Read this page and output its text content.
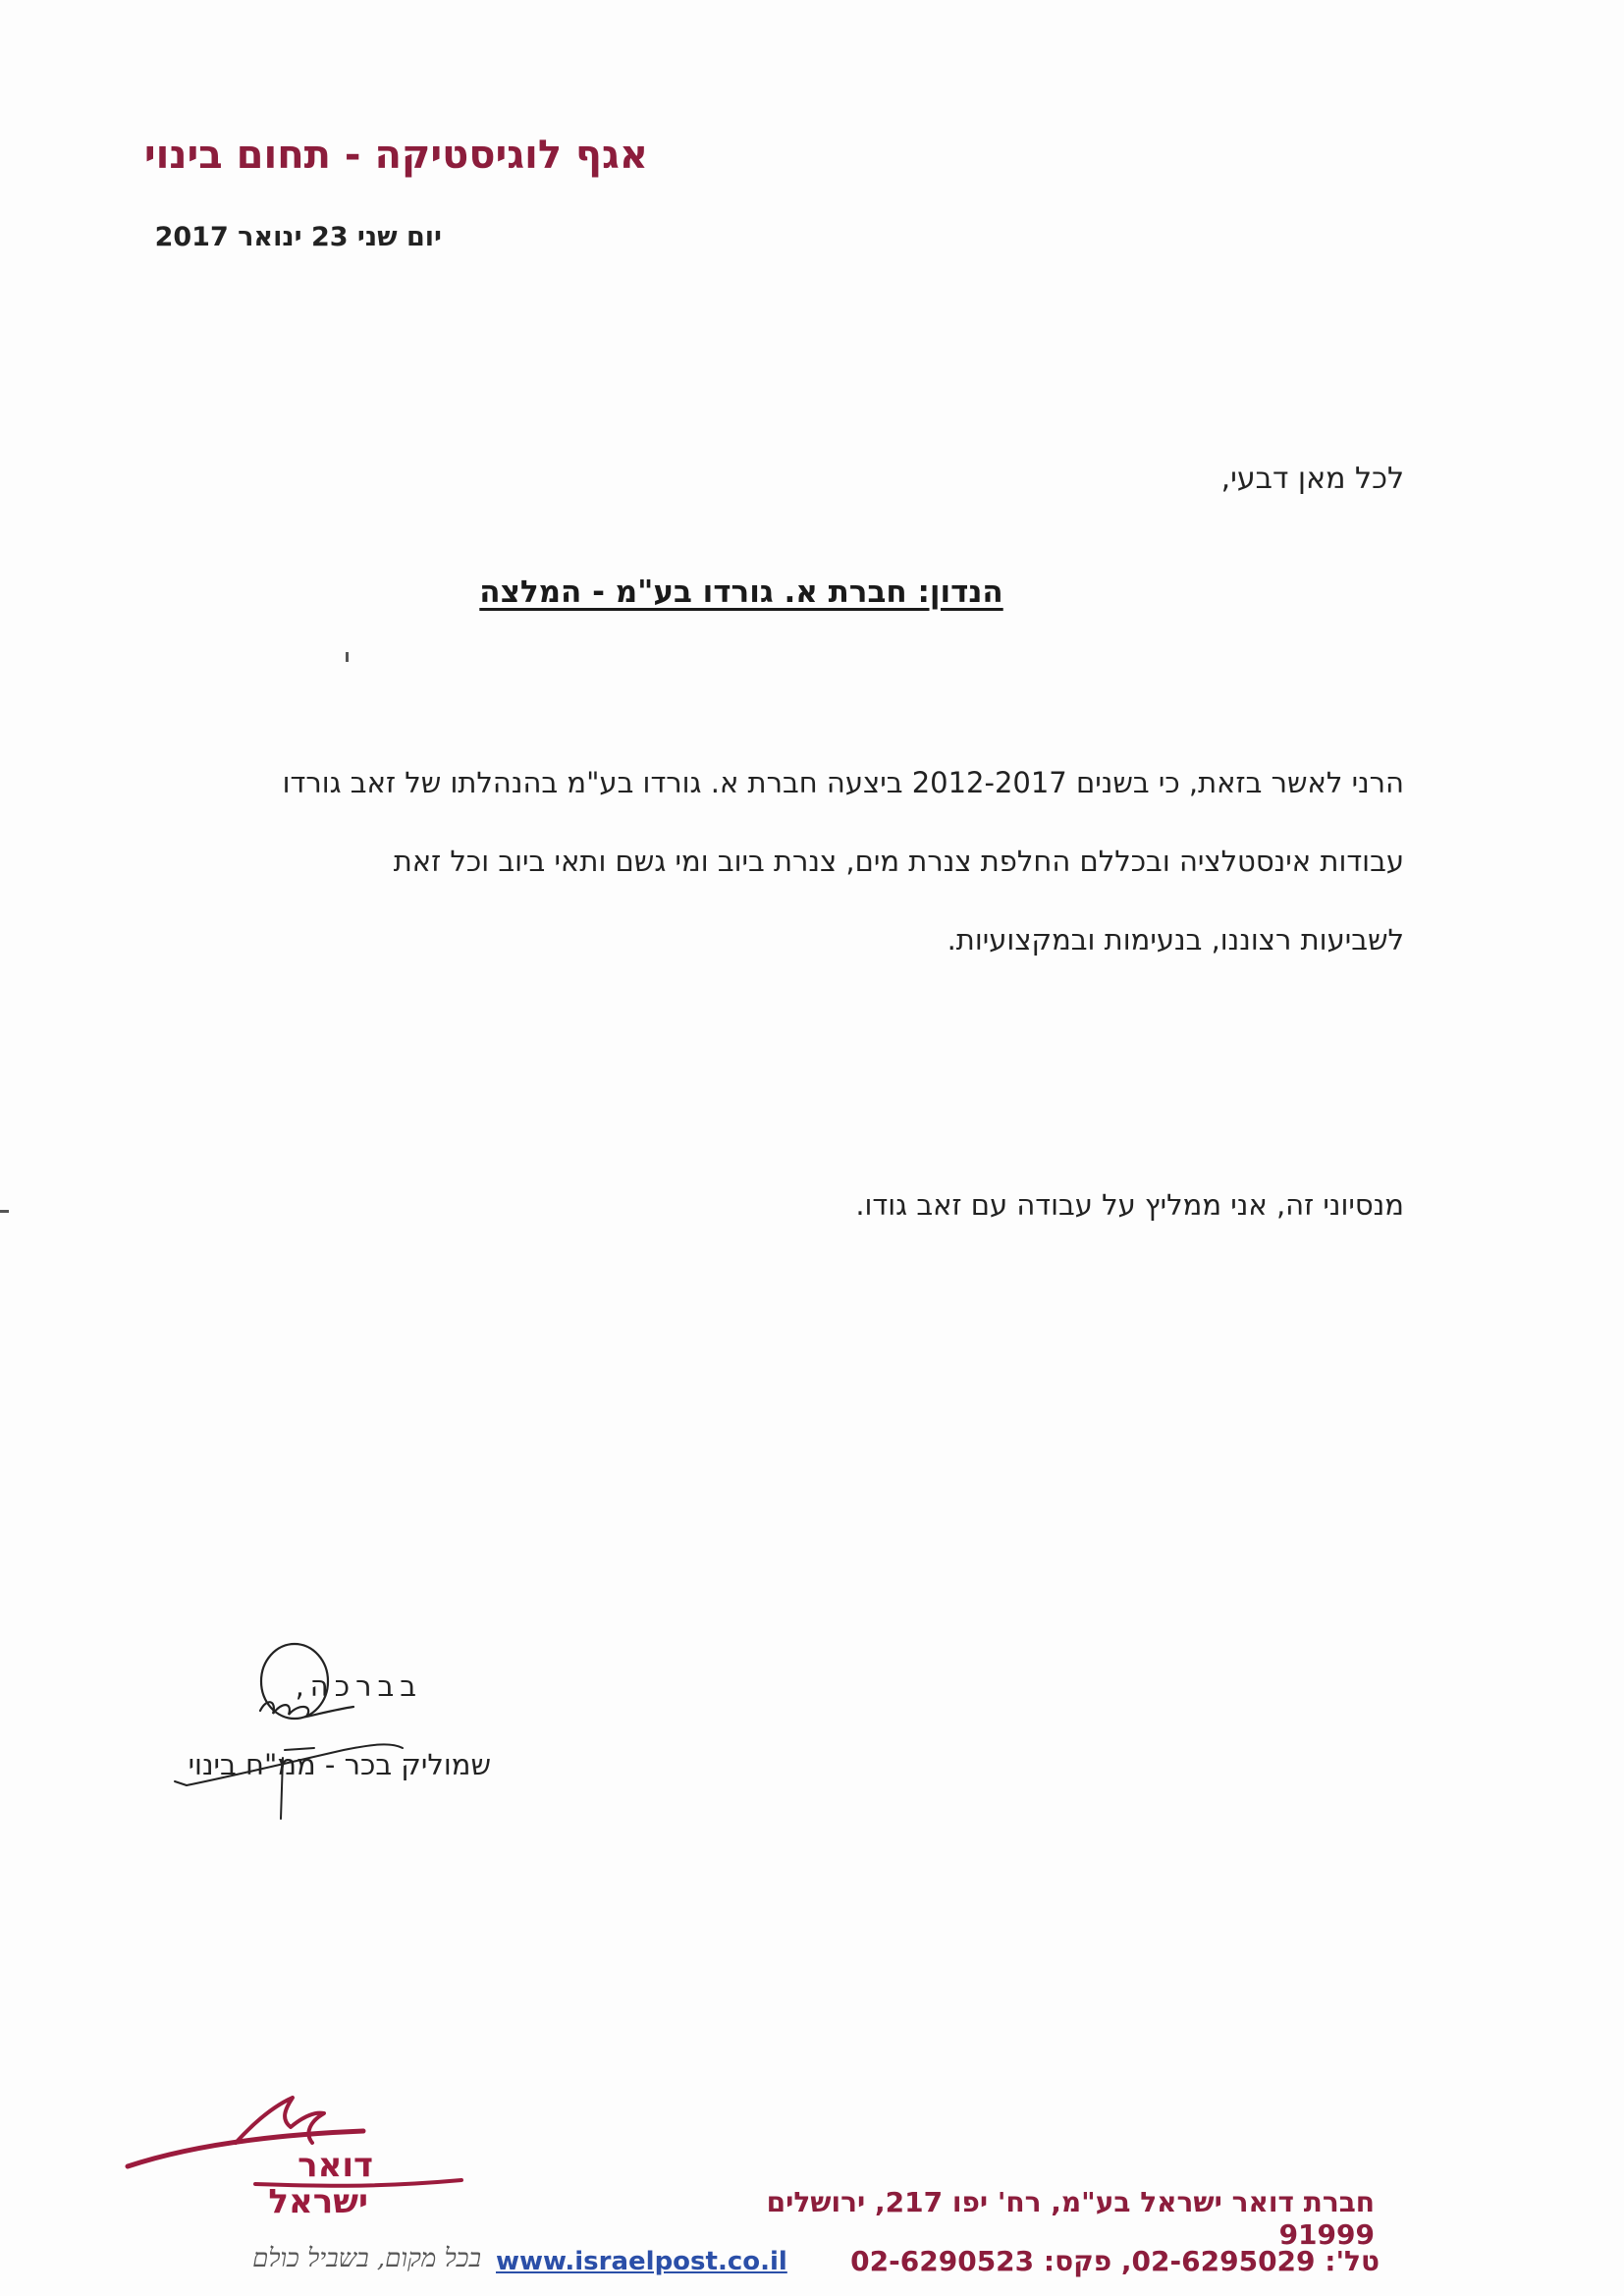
אגף לוגיסטיקה - תחום בינוי
יום שני 23 ינואר 2017
לכל מאן דבעי,
הנדון: חברת א. גורדו בע"מ - המלצה
הרני לאשר בזאת, כי בשנים 2012-2017 ביצעה חברת א. גורדו בע"מ בהנהלתו של זאב גורדו
עבודות אינסטלציה ובכללם החלפת צנרת מים, צנרת ביוב ומי גשם ותאי ביוב וכל זאת
לשביעות רצוננו, בנעימות ובמקצועיות.
מנסיוני זה, אני ממליץ על עבודה עם זאב גודו.
בברכה,
שמוליק בכר - ממ"ח בינוי
דואר
ישראל
בכל מקום, בשביל כולם
חברת דואר ישראל בע"מ, רח' יפו 217, ירושלים 91999
טל': 02-6295029, פקס: 02-6290523
www.israelpost.co.il
